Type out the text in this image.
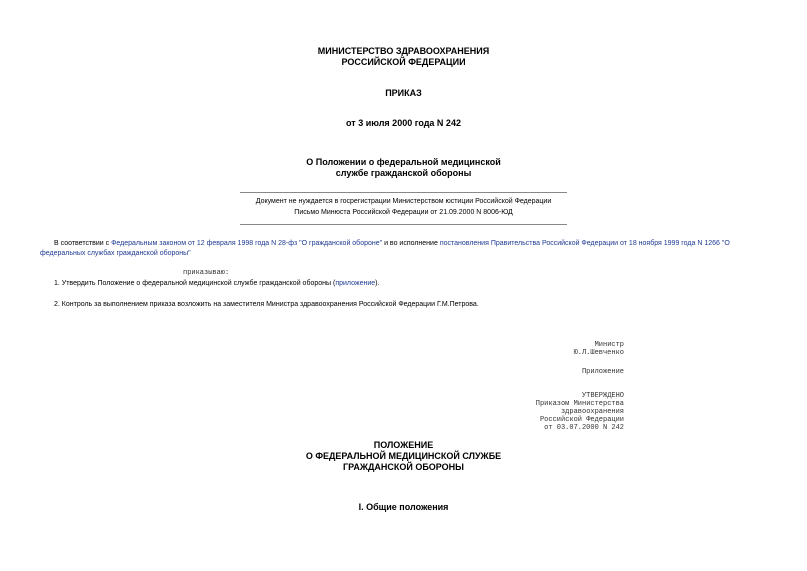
МИНИСТЕРСТВО ЗДРАВООХРАНЕНИЯ
РОССИЙСКОЙ ФЕДЕРАЦИИ
ПРИКАЗ
от 3 июля 2000 года N 242
О Положении о федеральной медицинской
службе гражданской обороны
Документ не нуждается в госрегистрации Министерством юстиции Российской Федерации
Письмо Минюста Российской Федерации от 21.09.2000 N 8006-ЮД
В соответствии с Федеральным законом от 12 февраля 1998 года N 28-фз "О гражданской обороне" и во исполнение постановления Правительства Российской Федерации от 18 ноября 1999 года N 1266 "О федеральных службах гражданской обороны"
приказываю:
1. Утвердить Положение о федеральной медицинской службе гражданской обороны (приложение).
2. Контроль за выполнением приказа возложить на заместителя Министра здравоохранения Российской Федерации Г.М.Петрова.
Министр
Ю.Л.Шевченко
Приложение
УТВЕРЖДЕНО
Приказом Министерства
здравоохранения
Российской Федерации
от 03.07.2000 N 242
ПОЛОЖЕНИЕ
О ФЕДЕРАЛЬНОЙ МЕДИЦИНСКОЙ СЛУЖБЕ
ГРАЖДАНСКОЙ ОБОРОНЫ
I. Общие положения
